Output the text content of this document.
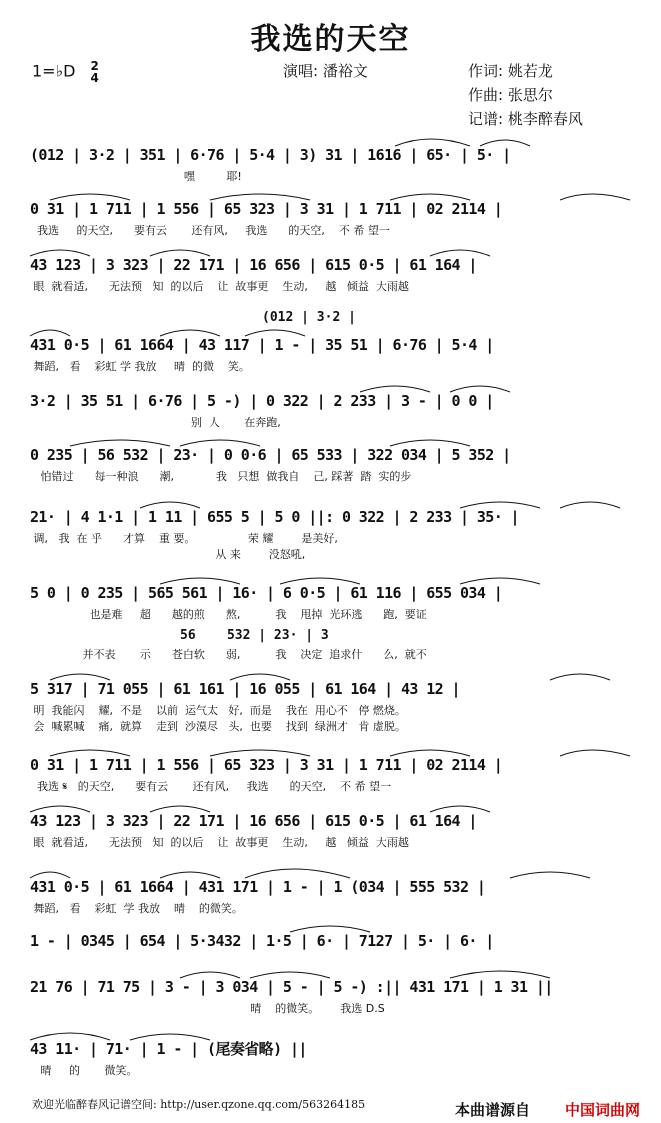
我选的天空
1=♭D 2
4	演唱: 潘裕文	作词: 姚若龙
作曲: 张思尔
记谱: 桃李醉春风
(012 | 3·2 | 351 | 6·76 | 5·4 | 3) 31 | 1616 | 65· | 5· |
嘿         耶!
0 31 | 1 711 | 1 556 | 65 323 | 3 31 | 1 711 | 02 2114 |
我选     的天空,      要有云       还有风,     我选      的天空,    不 希 望一
43 123 | 3 323 | 22 171 | 16 656 | 615 0·5 | 61 164 |
眼  就看适,      无法预   知  的以后    让  故事更    生动,     越   倾益  大雨越
(012 | 3·2 |
431 0·5 | 61 1664 | 43 117 | 1 - | 35 51 | 6·76 | 5·4 |
舞蹈,   看    彩虹 学 我放     晴  的微    笑。
3·2 | 35 51 | 6·76 | 5 -) | 0 322 | 2 233 | 3 - | 0 0 |
别  人       在奔跑,
0 235 | 56 532 | 23· | 0 0·6 | 65 533 | 322 034 | 5 352 |
怕错过      每一种浪      潮,            我   只想  做我自    己, 踩著  踏  实的步
21· | 4 1·1 | 1 11 | 655 5 | 5 0 ||: 0 322 | 2 233 | 35· |
调,   我  在 乎      才算    重 要。               荣 耀        是美好,
从 来        没怒吼,
5 0 | 0 235 | 565 561 | 16· | 6 0·5 | 61 116 | 655 034 |
也是难     超      越的煎      熬,          我    甩掉  光环逃      跑,  要证
56    532 | 23· | 3
并不表       示      苍白软      弱,          我    决定  追求什      么,  就不
5 317 | 71 055 | 61 161 | 16 055 | 61 164 | 43 12 |
明  我能闪    耀,  不是    以前  运气太   好,  而是    我在  用心不   停 燃烧。
会  喊累喊    痛,  就算    走到  沙漠尽   头,  也要    找到  绿洲才   肯 虚脱。
0 31 | 1 711 | 1 556 | 65 323 | 3 31 | 1 711 | 02 2114 |
我选 𝄋   的天空,      要有云       还有风,     我选      的天空,    不 希 望一
43 123 | 3 323 | 22 171 | 16 656 | 615 0·5 | 61 164 |
眼  就看适,      无法预   知  的以后    让  故事更    生动,     越   倾益  大雨越
431 0·5 | 61 1664 | 431 171 | 1 - | 1 (034 | 555 532 |
舞蹈,   看    彩虹  学 我放    晴    的微笑。
1 - | 0345 | 654 | 5·3432 | 1·5 | 6· | 7127 | 5· | 6· |
21 76 | 71 75 | 3 - | 3 034 | 5 - | 5 -) :|| 431 171 | 1 31 ||
晴    的微笑。      我选 D.S
43 11· | 71· | 1 - | (尾奏省略) ||
晴     的       微笑。
欢迎光临醉春风记谱空间: http://user.qzone.qq.com/563264185	本曲谱源自 中国词曲网
